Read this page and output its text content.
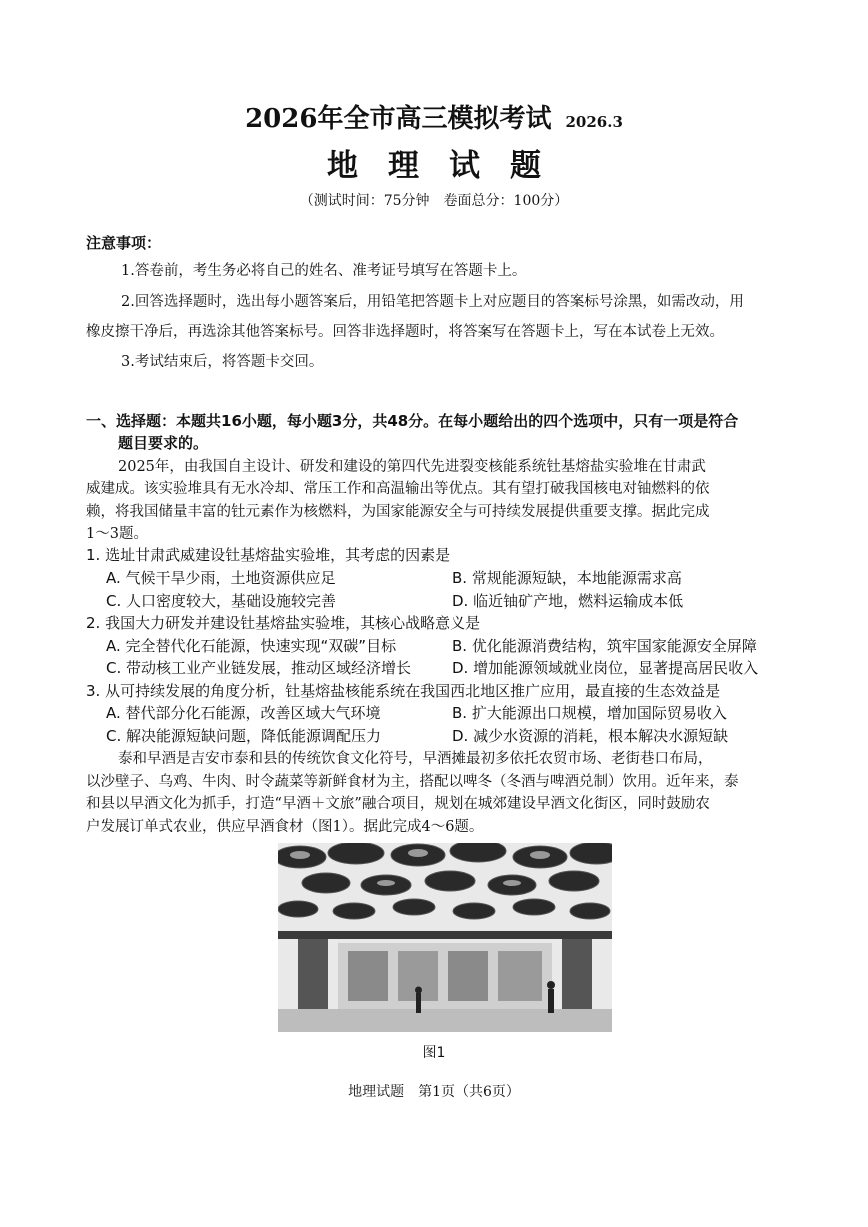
2026年全市高三模拟考试 2026.3
地理试题
（测试时间：75分钟　卷面总分：100分）
注意事项：
1.答卷前，考生务必将自己的姓名、准考证号填写在答题卡上。
2.回答选择题时，选出每小题答案后，用铅笔把答题卡上对应题目的答案标号涂黑，如需改动，用
橡皮擦干净后，再选涂其他答案标号。回答非选择题时，将答案写在答题卡上，写在本试卷上无效。
3.考试结束后，将答题卡交回。
一、选择题：本题共16小题，每小题3分，共48分。在每小题给出的四个选项中，只有一项是符合
题目要求的。
2025年，由我国自主设计、研发和建设的第四代先进裂变核能系统钍基熔盐实验堆在甘肃武
威建成。该实验堆具有无水冷却、常压工作和高温输出等优点。其有望打破我国核电对铀燃料的依
赖，将我国储量丰富的钍元素作为核燃料，为国家能源安全与可持续发展提供重要支撑。据此完成
1～3题。
1. 选址甘肃武威建设钍基熔盐实验堆，其考虑的因素是
A. 气候干旱少雨，土地资源供应足	B. 常规能源短缺，本地能源需求高
C. 人口密度较大，基础设施较完善	D. 临近铀矿产地，燃料运输成本低
2. 我国大力研发并建设钍基熔盐实验堆，其核心战略意义是
A. 完全替代化石能源，快速实现“双碳”目标	B. 优化能源消费结构，筑牢国家能源安全屏障
C. 带动核工业产业链发展，推动区域经济增长	D. 增加能源领域就业岗位，显著提高居民收入
3. 从可持续发展的角度分析，钍基熔盐核能系统在我国西北地区推广应用，最直接的生态效益是
A. 替代部分化石能源，改善区域大气环境	B. 扩大能源出口规模，增加国际贸易收入
C. 解决能源短缺问题，降低能源调配压力	D. 减少水资源的消耗，根本解决水源短缺
泰和早酒是吉安市泰和县的传统饮食文化符号，早酒摊最初多依托农贸市场、老街巷口布局，
以沙壁子、乌鸡、牛肉、时令蔬菜等新鲜食材为主，搭配以啤冬（冬酒与啤酒兑制）饮用。近年来，泰
和县以早酒文化为抓手，打造“早酒＋文旅”融合项目，规划在城郊建设早酒文化街区，同时鼓励农
户发展订单式农业，供应早酒食材（图1）。据此完成4～6题。
图1
地理试题　第1页（共6页）
